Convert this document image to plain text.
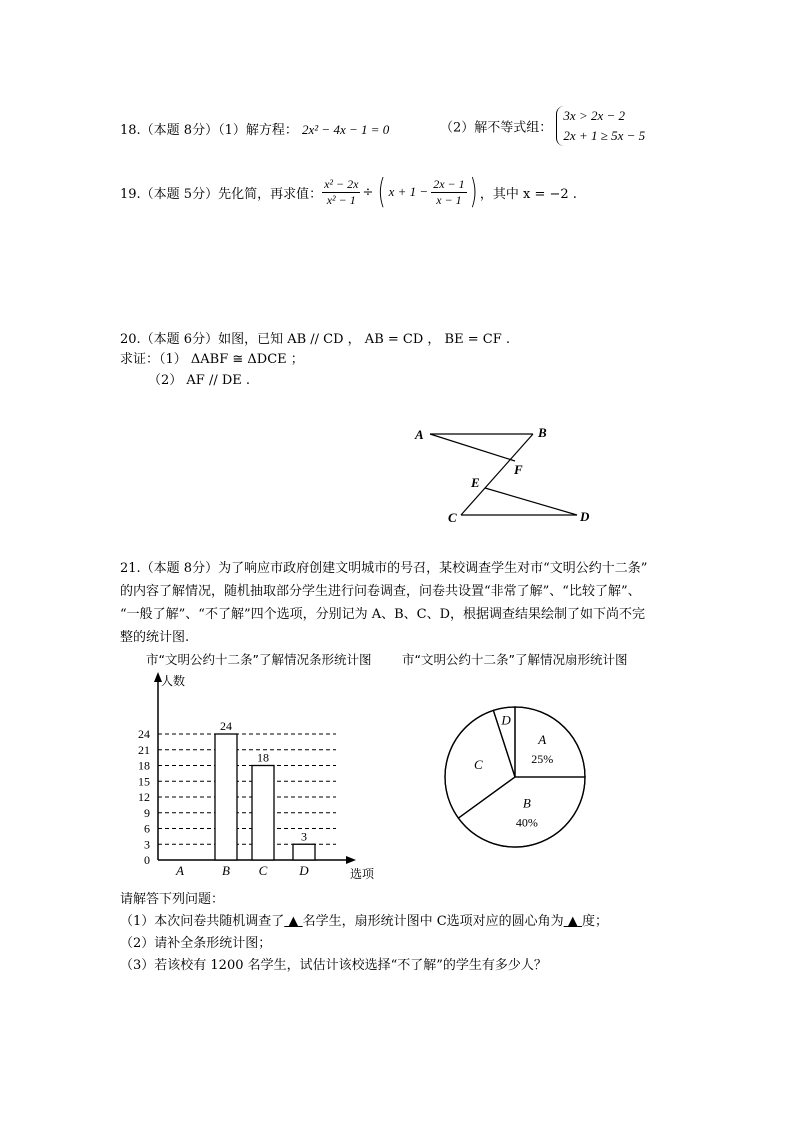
18.（本题 8分）（1）解方程： 2x² − 4x − 1 = 0	（2）解不等式组：
3x > 2x − 2
2x + 1 ≥ 5x − 5
19.（本题 5分）先化简，再求值： $\frac{\text{x² − 2x}}{\text{x² − 1}}$ ÷ ( $x + 1 - \frac{2x - 1}{x - 1}$ ) ，其中 x = −2 .
20.（本题 6分）如图，已知 AB // CD ， AB = CD ， BE = CF .
求证：（1） ΔABF ≅ ΔDCE ；
（2） AF // DE .
A	B
F
E
C	D
21.（本题 8分）为了响应市政府创建文明城市的号召，某校调查学生对市“文明公约十二条”
的内容了解情况，随机抽取部分学生进行问卷调查，问卷共设置“非常了解”、“比较了解”、
“一般了解”、“不了解”四个选项，分别记为 A、B、C、D，根据调查结果绘制了如下尚不完
整的统计图.
市“文明公约十二条”了解情况条形统计图 市“文明公约十二条”了解情况扇形统计图
0
3
6
9
12
15
18
21
24
人数
选项
A
24
B
18
C
3
D
A
25%
B
40%
C
D
请解答下列问题：
（1）本次问卷共随机调查了 ▲ 名学生，扇形统计图中 C选项对应的圆心角为 ▲ 度；
（2）请补全条形统计图；
（3）若该校有 1200 名学生，试估计该校选择“不了解”的学生有多少人？
